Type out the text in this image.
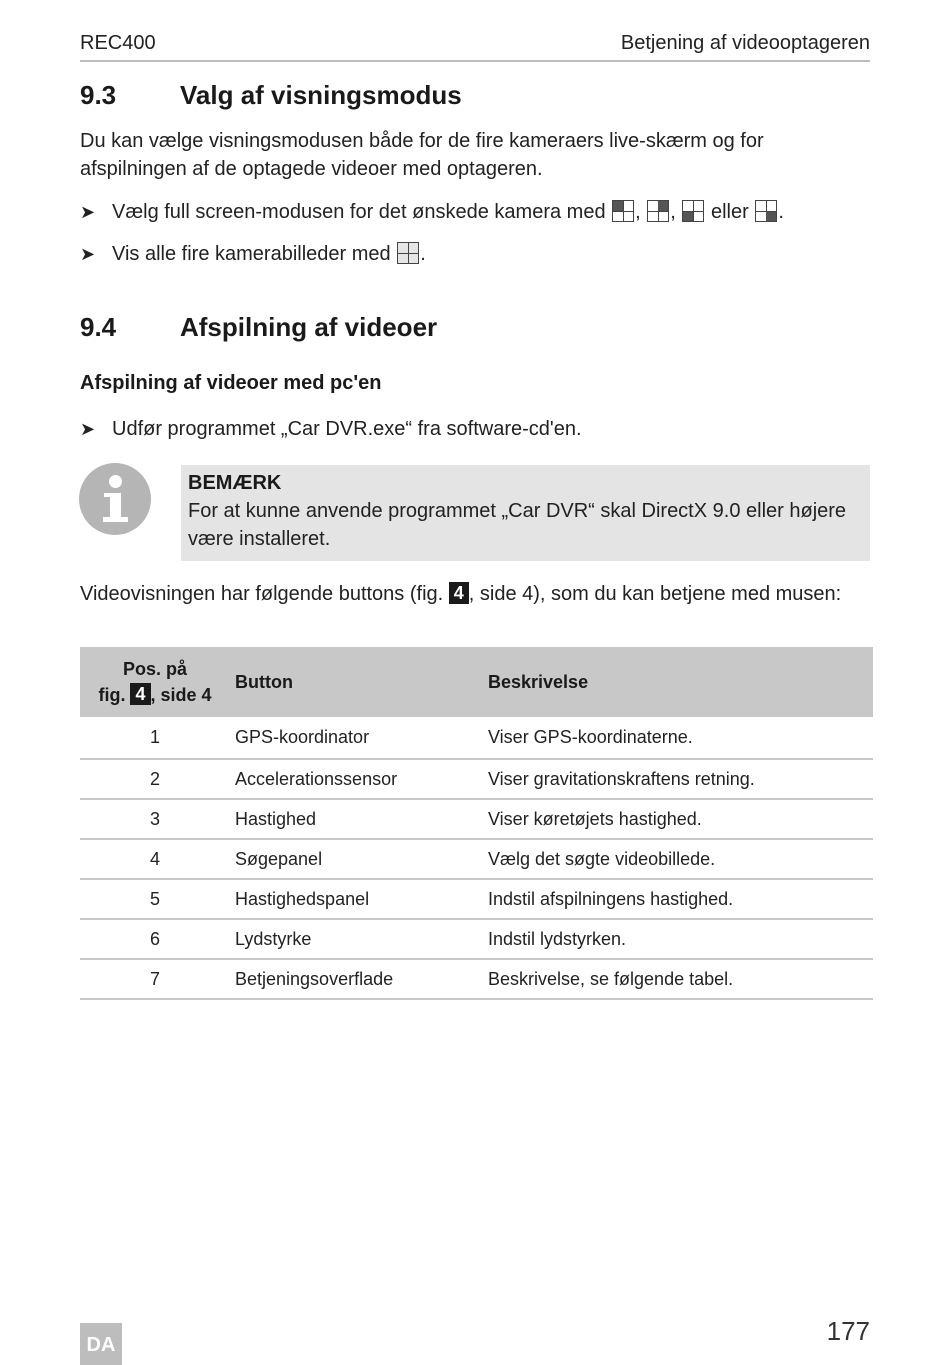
REC400	Betjening af videooptageren
9.3 Valg af visningsmodus

Du kan vælge visningsmodusen både for de fire kameraers live-skærm og for afspilningen af de optagede videoer med optageren.

➤ Vælg full screen-modusen for det ønskede kamera med , , eller .
➤ Vis alle fire kamerabilleder med .
9.4 Afspilning af videoer
Afspilning af videoer med pc'en
➤ Udfør programmet „Car DVR.exe“ fra software-cd'en.
BEMÆRK
For at kunne anvende programmet „Car DVR“ skal DirectX 9.0 eller højere være installeret.

Videovisningen har følgende buttons (fig. 4 , side 4), som du kan betjene med musen:

Pos. på
fig. 4 , side 4	Button	Beskrivelse
1	GPS-koordinator	Viser GPS-koordinaterne.
2	Accelerationssensor	Viser gravitationskraftens retning.
3	Hastighed	Viser køretøjets hastighed.
4	Søgepanel	Vælg det søgte videobillede.
5	Hastighedspanel	Indstil afspilningens hastighed.
6	Lydstyrke	Indstil lydstyrken.
7	Betjeningsoverflade	Beskrivelse, se følgende tabel.
DA	177
